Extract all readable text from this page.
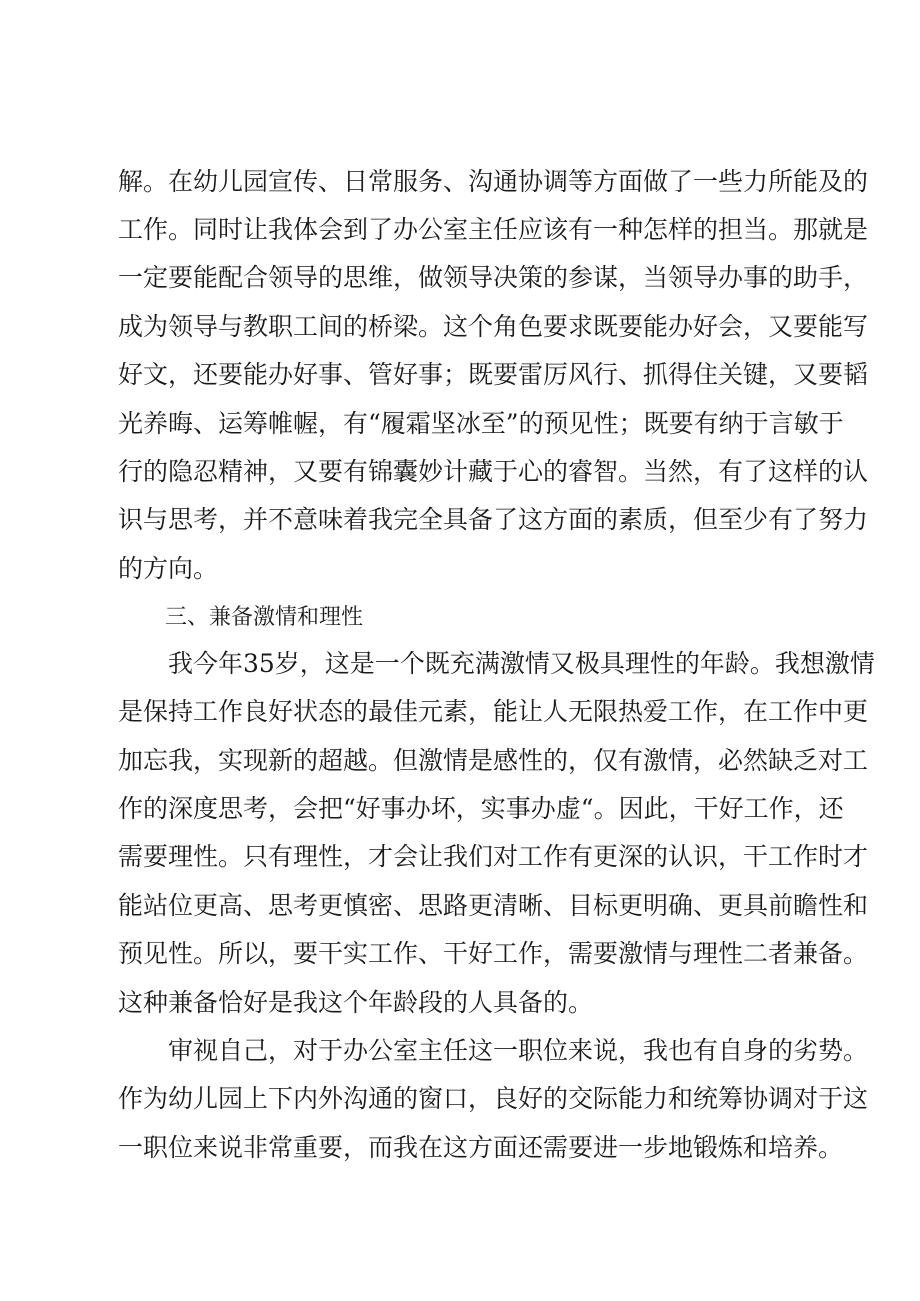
解。在幼儿园宣传、日常服务、沟通协调等方面做了一些力所能及的
工作。同时让我体会到了办公室主任应该有一种怎样的担当。那就是
一定要能配合领导的思维，做领导决策的参谋，当领导办事的助手，
成为领导与教职工间的桥梁。这个角色要求既要能办好会，又要能写
好文，还要能办好事、管好事；既要雷厉风行、抓得住关键，又要韬
光养晦、运筹帷幄，有“履霜坚冰至”的预见性；既要有纳于言敏于
行的隐忍精神，又要有锦囊妙计藏于心的睿智。当然，有了这样的认
识与思考，并不意味着我完全具备了这方面的素质，但至少有了努力
的方向。
三、兼备激情和理性
我今年35岁，这是一个既充满激情又极具理性的年龄。我想激情
是保持工作良好状态的最佳元素，能让人无限热爱工作，在工作中更
加忘我，实现新的超越。但激情是感性的，仅有激情，必然缺乏对工
作的深度思考，会把“好事办坏，实事办虚“。因此，干好工作，还
需要理性。只有理性，才会让我们对工作有更深的认识，干工作时才
能站位更高、思考更慎密、思路更清晰、目标更明确、更具前瞻性和
预见性。所以，要干实工作、干好工作，需要激情与理性二者兼备。
这种兼备恰好是我这个年龄段的人具备的。
审视自己，对于办公室主任这一职位来说，我也有自身的劣势。
作为幼儿园上下内外沟通的窗口，良好的交际能力和统筹协调对于这
一职位来说非常重要，而我在这方面还需要进一步地锻炼和培养。
